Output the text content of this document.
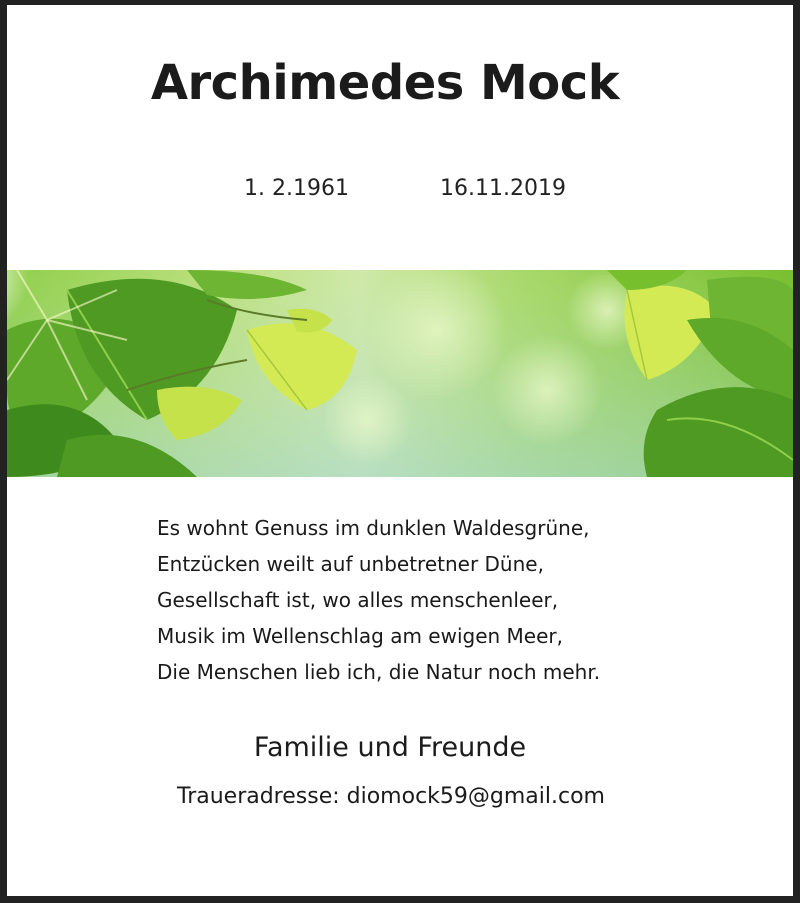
Archimedes Mock
1. 2.1961	16.11.2019
Es wohnt Genuss im dunklen Waldesgrüne,
Entzücken weilt auf unbetretner Düne,
Gesellschaft ist, wo alles menschenleer,
Musik im Wellenschlag am ewigen Meer,
Die Menschen lieb ich, die Natur noch mehr.
Familie und Freunde
Traueradresse: diomock59@gmail.com
